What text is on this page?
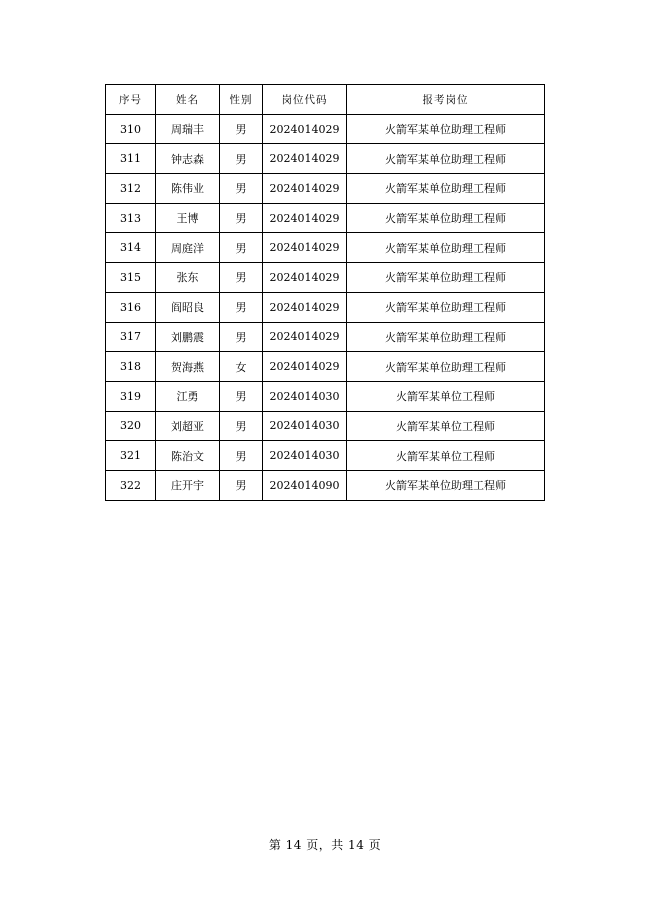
序号	姓名	性别	岗位代码	报考岗位
310	周瑞丰	男	2024014029	火箭军某单位助理工程师
311	钟志森	男	2024014029	火箭军某单位助理工程师
312	陈伟业	男	2024014029	火箭军某单位助理工程师
313	王博	男	2024014029	火箭军某单位助理工程师
314	周庭洋	男	2024014029	火箭军某单位助理工程师
315	张东	男	2024014029	火箭军某单位助理工程师
316	阎昭良	男	2024014029	火箭军某单位助理工程师
317	刘鹏震	男	2024014029	火箭军某单位助理工程师
318	贺海燕	女	2024014029	火箭军某单位助理工程师
319	江勇	男	2024014030	火箭军某单位工程师
320	刘超亚	男	2024014030	火箭军某单位工程师
321	陈治文	男	2024014030	火箭军某单位工程师
322	庄开宇	男	2024014090	火箭军某单位助理工程师
第 14 页，共 14 页
